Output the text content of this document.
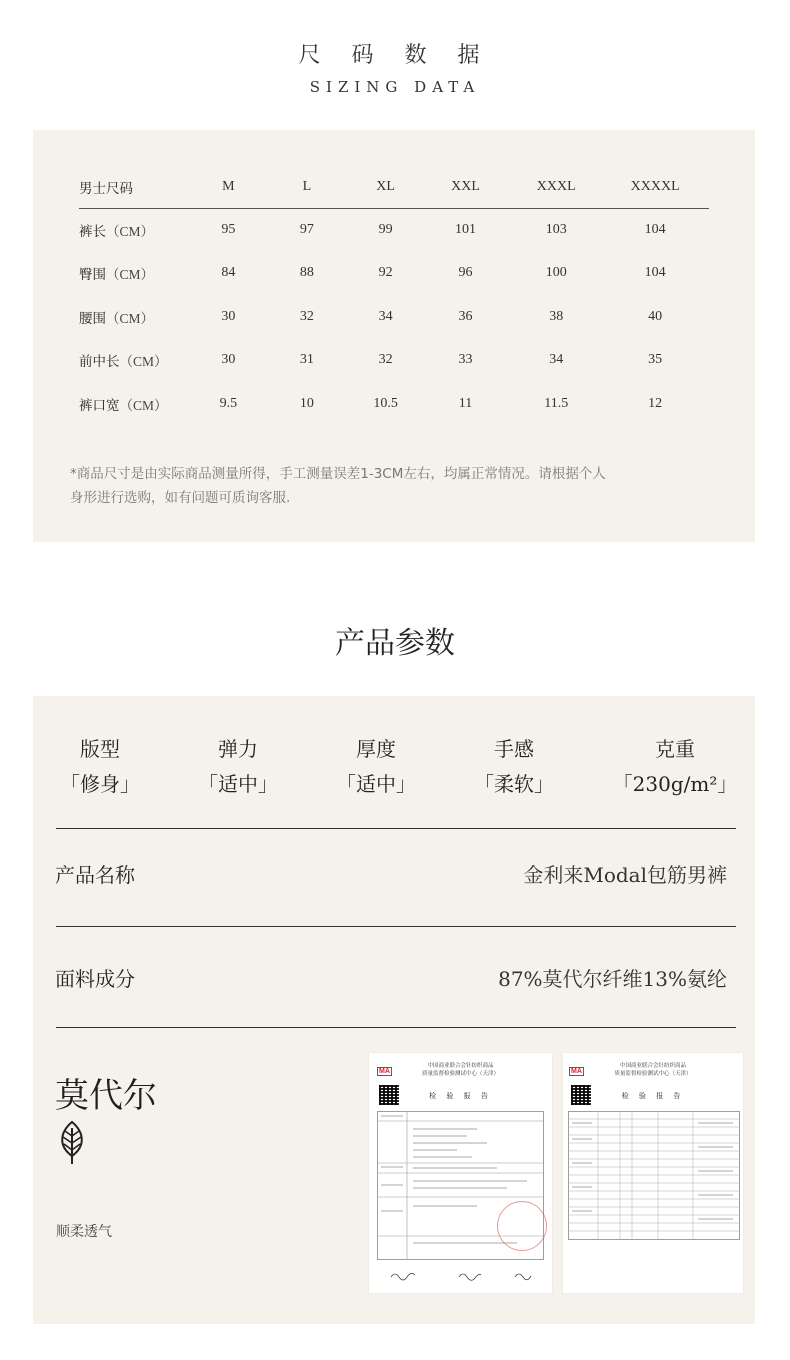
尺 码 数 据
SIZING DATA
男士尺码	M	L	XL	XXL	XXXL	XXXXL
裤长（CM）	95	97	99	101	103	104
臀围（CM）	84	88	92	96	100	104
腰围（CM）	30	32	34	36	38	40
前中长（CM）	30	31	32	33	34	35
裤口宽（CM）	9.5	10	10.5	11	11.5	12
*商品尺寸是由实际商品测量所得，手工测量误差1-3CM左右，均属正常情况。请根据个人
身形进行选购，如有问题可质询客服.
产品参数
版型
「修身」
弹力
「适中」
厚度
「适中」
手感
「柔软」
克重
「230g/m²」
产品名称	金利来Modal包筋男裤
面料成分	87%莫代尔纤维13%氨纶
莫代尔
顺柔透气
MA
中国商业联合会针纺织商品
质量监督检验测试中心（天津）
检 验 报 告
MA
中国商业联合会针纺织商品
质量监督检验测试中心（天津）
检 验 报 告
